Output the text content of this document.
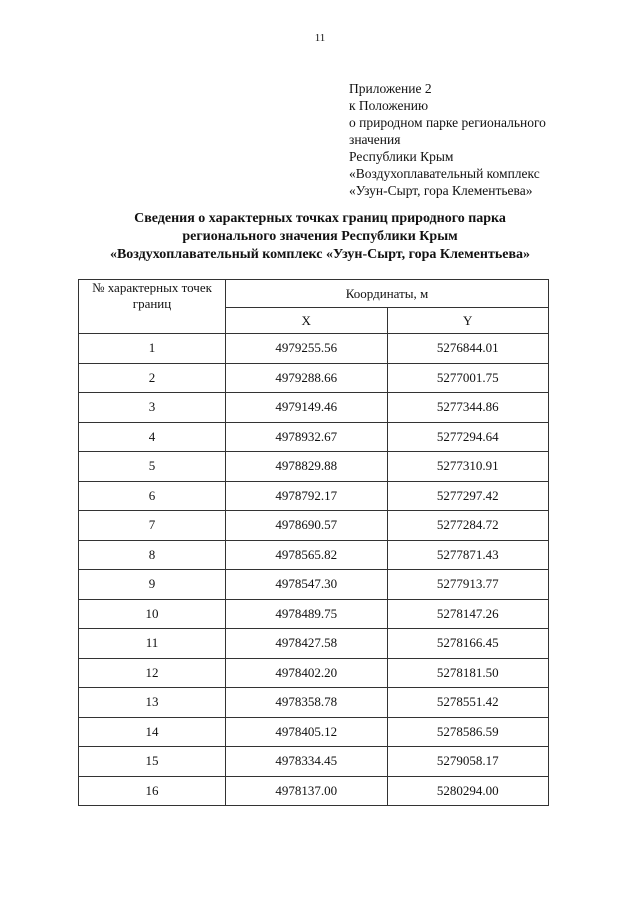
11
Приложение 2
к Положению
о природном парке регионального
значения
Республики Крым
«Воздухоплавательный комплекс
«Узун-Сырт, гора Клементьева»
Сведения о характерных точках границ природного парка
регионального значения Республики Крым
«Воздухоплавательный комплекс «Узун-Сырт, гора Клементьева»
№ характерных точек
границ	Координаты, м	
	X	Y
1	4979255.56	5276844.01
2	4979288.66	5277001.75
3	4979149.46	5277344.86
4	4978932.67	5277294.64
5	4978829.88	5277310.91
6	4978792.17	5277297.42
7	4978690.57	5277284.72
8	4978565.82	5277871.43
9	4978547.30	5277913.77
10	4978489.75	5278147.26
11	4978427.58	5278166.45
12	4978402.20	5278181.50
13	4978358.78	5278551.42
14	4978405.12	5278586.59
15	4978334.45	5279058.17
16	4978137.00	5280294.00
